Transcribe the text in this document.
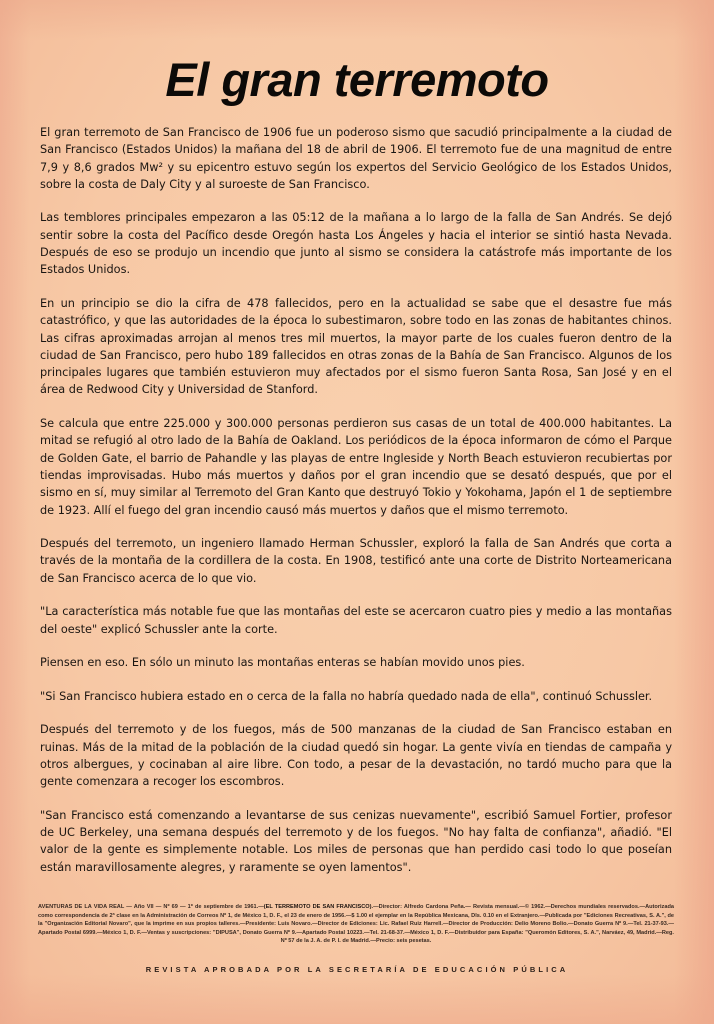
El gran terremoto

El gran terremoto de San Francisco de 1906 fue un poderoso sismo que sacudió principalmente a la ciudad de San Francisco (Estados Unidos) la mañana del 18 de abril de 1906. El terremoto fue de una magnitud de entre 7,9 y 8,6 grados Mw² y su epicentro estuvo según los expertos del Servicio Geológico de los Estados Unidos, sobre la costa de Daly City y al suroeste de San Francisco.

Las temblores principales empezaron a las 05:12 de la mañana a lo largo de la falla de San Andrés. Se dejó sentir sobre la costa del Pacífico desde Oregón hasta Los Ángeles y hacia el interior se sintió hasta Nevada. Después de eso se produjo un incendio que junto al sismo se considera la catástrofe más importante de los Estados Unidos.

En un principio se dio la cifra de 478 fallecidos, pero en la actualidad se sabe que el desastre fue más catastrófico, y que las autoridades de la época lo subestimaron, sobre todo en las zonas de habitantes chinos. Las cifras aproximadas arrojan al menos tres mil muertos, la mayor parte de los cuales fueron dentro de la ciudad de San Francisco, pero hubo 189 fallecidos en otras zonas de la Bahía de San Francisco. Algunos de los principales lugares que también estuvieron muy afectados por el sismo fueron Santa Rosa, San José y en el área de Redwood City y Universidad de Stanford.

Se calcula que entre 225.000 y 300.000 personas perdieron sus casas de un total de 400.000 habitantes. La mitad se refugió al otro lado de la Bahía de Oakland. Los periódicos de la época informaron de cómo el Parque de Golden Gate, el barrio de Pahandle y las playas de entre Ingleside y North Beach estuvieron recubiertas por tiendas improvisadas. Hubo más muertos y daños por el gran incendio que se desató después, que por el sismo en sí, muy similar al Terremoto del Gran Kanto que destruyó Tokio y Yokohama, Japón el 1 de septiembre de 1923. Allí el fuego del gran incendio causó más muertos y daños que el mismo terremoto.

Después del terremoto, un ingeniero llamado Herman Schussler, exploró la falla de San Andrés que corta a través de la montaña de la cordillera de la costa. En 1908, testificó ante una corte de Distrito Norteamericana de San Francisco acerca de lo que vio.

"La característica más notable fue que las montañas del este se acercaron cuatro pies y medio a las montañas del oeste" explicó Schussler ante la corte.

Piensen en eso. En sólo un minuto las montañas enteras se habían movido unos pies.

"Si San Francisco hubiera estado en o cerca de la falla no habría quedado nada de ella", continuó Schussler.

Después del terremoto y de los fuegos, más de 500 manzanas de la ciudad de San Francisco estaban en ruinas. Más de la mitad de la población de la ciudad quedó sin hogar. La gente vivía en tiendas de campaña y otros albergues, y cocinaban al aire libre. Con todo, a pesar de la devastación, no tardó mucho para que la gente comenzara a recoger los escombros.

"San Francisco está comenzando a levantarse de sus cenizas nuevamente", escribió Samuel Fortier, profesor de UC Berkeley, una semana después del terremoto y de los fuegos. "No hay falta de confianza", añadió. "El valor de la gente es simplemente notable. Los miles de personas que han perdido casi todo lo que poseían están maravillosamente alegres, y raramente se oyen lamentos".

AVENTURAS DE LA VIDA REAL — Año VII — Nº 69 — 1º de septiembre de 1961.—(EL TERREMOTO DE SAN FRANCISCO).—Director: Alfredo Cardona Peña.— Revista mensual.—© 1962.—Derechos mundiales reservados.—Autorizada como correspondencia de 2ª clase en la Administración de Correos Nº 1, de México 1, D. F., el 23 de enero de 1956.—$ 1.00 el ejemplar en la República Mexicana, Dls. 0.10 en el Extranjero.—Publicada por "Ediciones Recreativas, S. A.", de la "Organización Editorial Novaro", que la imprime en sus propios talleres.—Presidente: Luis Novaro.—Director de Ediciones: Lic. Rafael Ruiz Harrell.—Director de Producción: Delio Moreno Bolio.—Donato Guerra Nº 9.—Tel. 21-37-93.—Apartado Postal 6999.—México 1, D. F.—Ventas y suscripciones: "DIPUSA", Donato Guerra Nº 9.—Apartado Postal 10223.—Tel. 21-68-37.—México 1, D. F.—Distribuidor para España: "Queromón Editores, S. A.", Narváez, 49, Madrid.—Reg. Nº 57 de la J. A. de P. I. de Madrid.—Precio: seis pesetas.
REVISTA APROBADA POR LA SECRETARÍA DE EDUCACIÓN PÚBLICA
